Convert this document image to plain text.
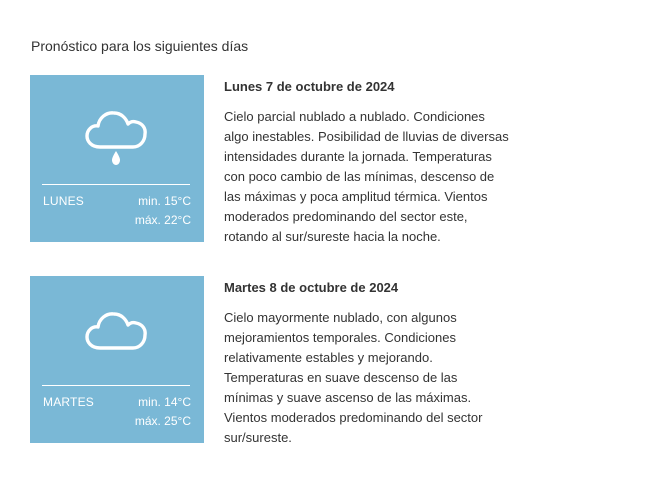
Pronóstico para los siguientes días
LUNES	min. 15°C
máx. 22°C
Lunes 7 de octubre de 2024

Cielo parcial nublado a nublado. Condiciones algo inestables. Posibilidad de lluvias de diversas intensidades durante la jornada. Temperaturas con poco cambio de las mínimas, descenso de las máximas y poca amplitud térmica. Vientos moderados predominando del sector este, rotando al sur/sureste hacia la noche.

MARTES	min. 14°C
máx. 25°C
Martes 8 de octubre de 2024

Cielo mayormente nublado, con algunos mejoramientos temporales. Condiciones relativamente estables y mejorando. Temperaturas en suave descenso de las mínimas y suave ascenso de las máximas. Vientos moderados predominando del sector sur/sureste.
